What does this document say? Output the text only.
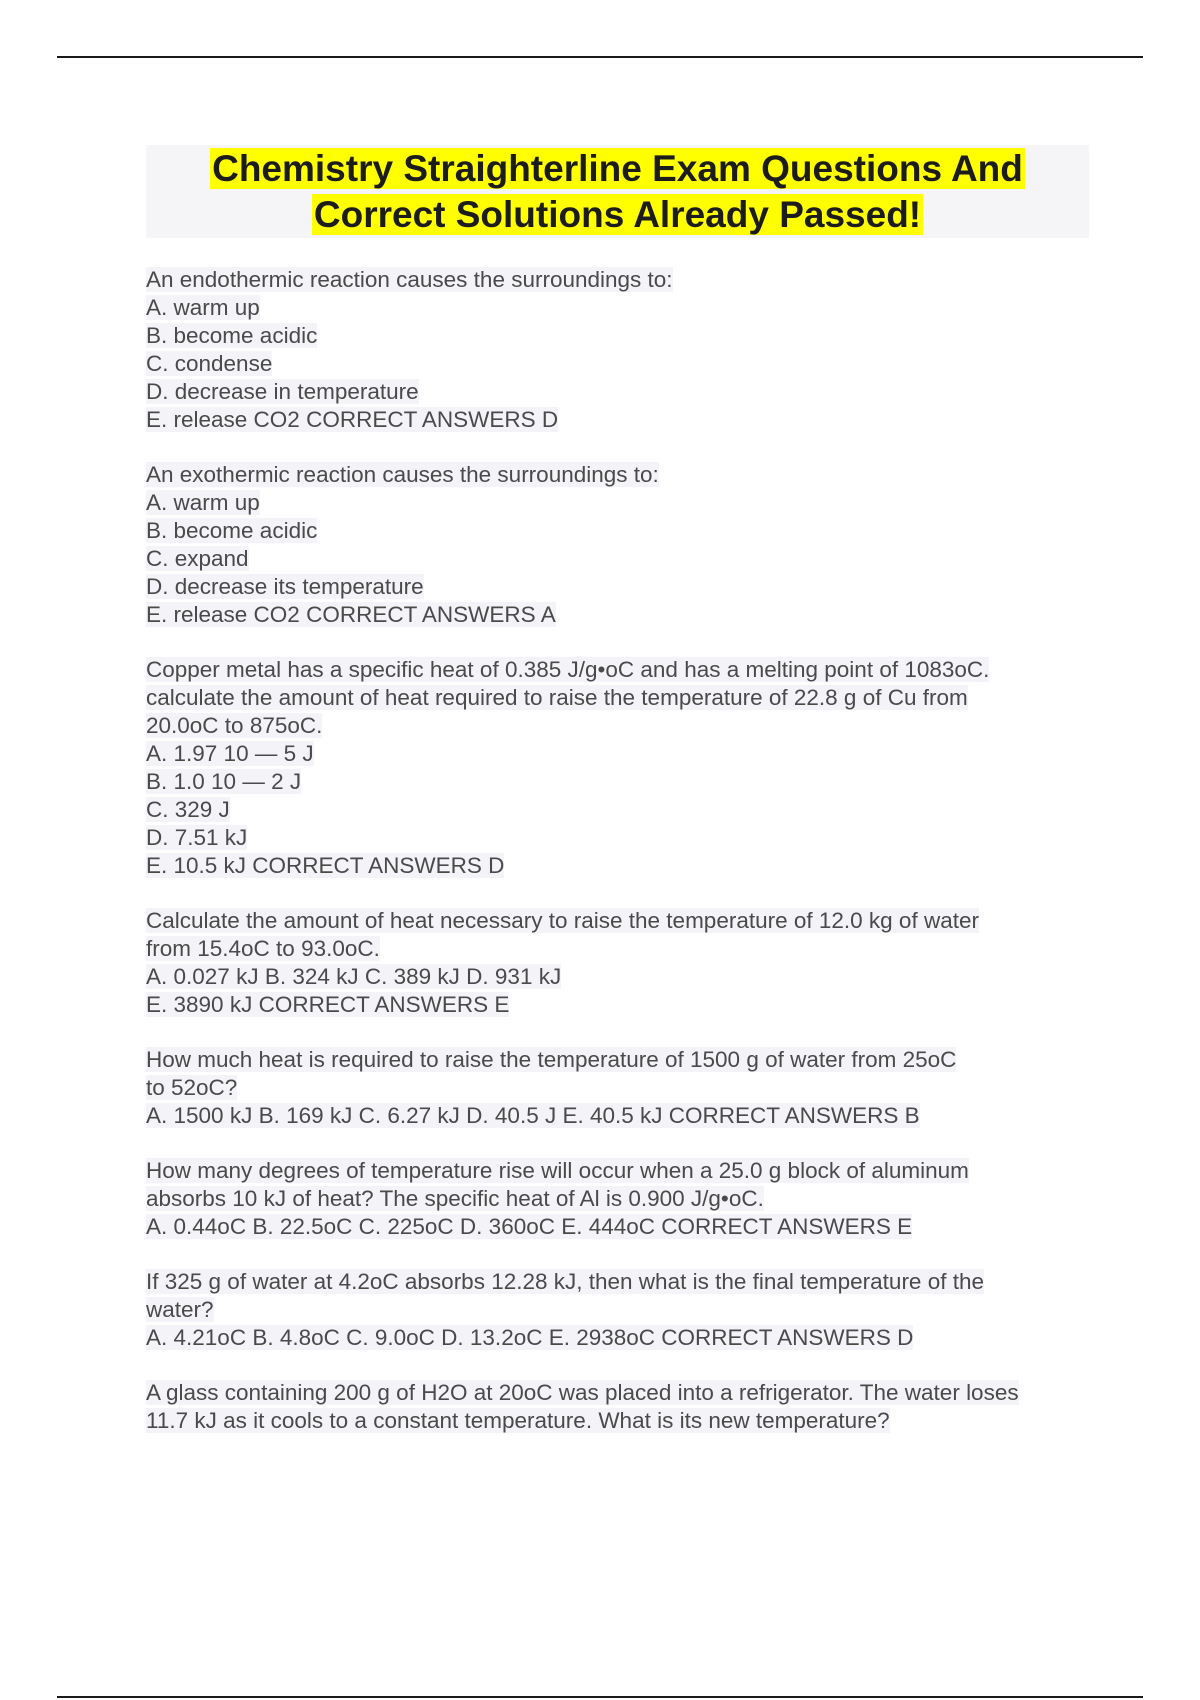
Chemistry Straighterline Exam Questions And
Correct Solutions Already Passed!
An endothermic reaction causes the surroundings to:
A. warm up
B. become acidic
C. condense
D. decrease in temperature
E. release CO2 CORRECT ANSWERS D
An exothermic reaction causes the surroundings to:
A. warm up
B. become acidic
C. expand
D. decrease its temperature
E. release CO2 CORRECT ANSWERS A
Copper metal has a specific heat of 0.385 J/g•oC and has a melting point of 1083oC.
calculate the amount of heat required to raise the temperature of 22.8 g of Cu from
20.0oC to 875oC.
A. 1.97 10 — 5 J
B. 1.0 10 — 2 J
C. 329 J
D. 7.51 kJ
E. 10.5 kJ CORRECT ANSWERS D
Calculate the amount of heat necessary to raise the temperature of 12.0 kg of water
from 15.4oC to 93.0oC.
A. 0.027 kJ B. 324 kJ C. 389 kJ D. 931 kJ
E. 3890 kJ CORRECT ANSWERS E
How much heat is required to raise the temperature of 1500 g of water from 25oC
to 52oC?
A. 1500 kJ B. 169 kJ C. 6.27 kJ D. 40.5 J E. 40.5 kJ CORRECT ANSWERS B
How many degrees of temperature rise will occur when a 25.0 g block of aluminum
absorbs 10 kJ of heat? The specific heat of Al is 0.900 J/g•oC.
A. 0.44oC B. 22.5oC C. 225oC D. 360oC E. 444oC CORRECT ANSWERS E
If 325 g of water at 4.2oC absorbs 12.28 kJ, then what is the final temperature of the
water?
A. 4.21oC B. 4.8oC C. 9.0oC D. 13.2oC E. 2938oC CORRECT ANSWERS D
A glass containing 200 g of H2O at 20oC was placed into a refrigerator. The water loses
11.7 kJ as it cools to a constant temperature. What is its new temperature?
